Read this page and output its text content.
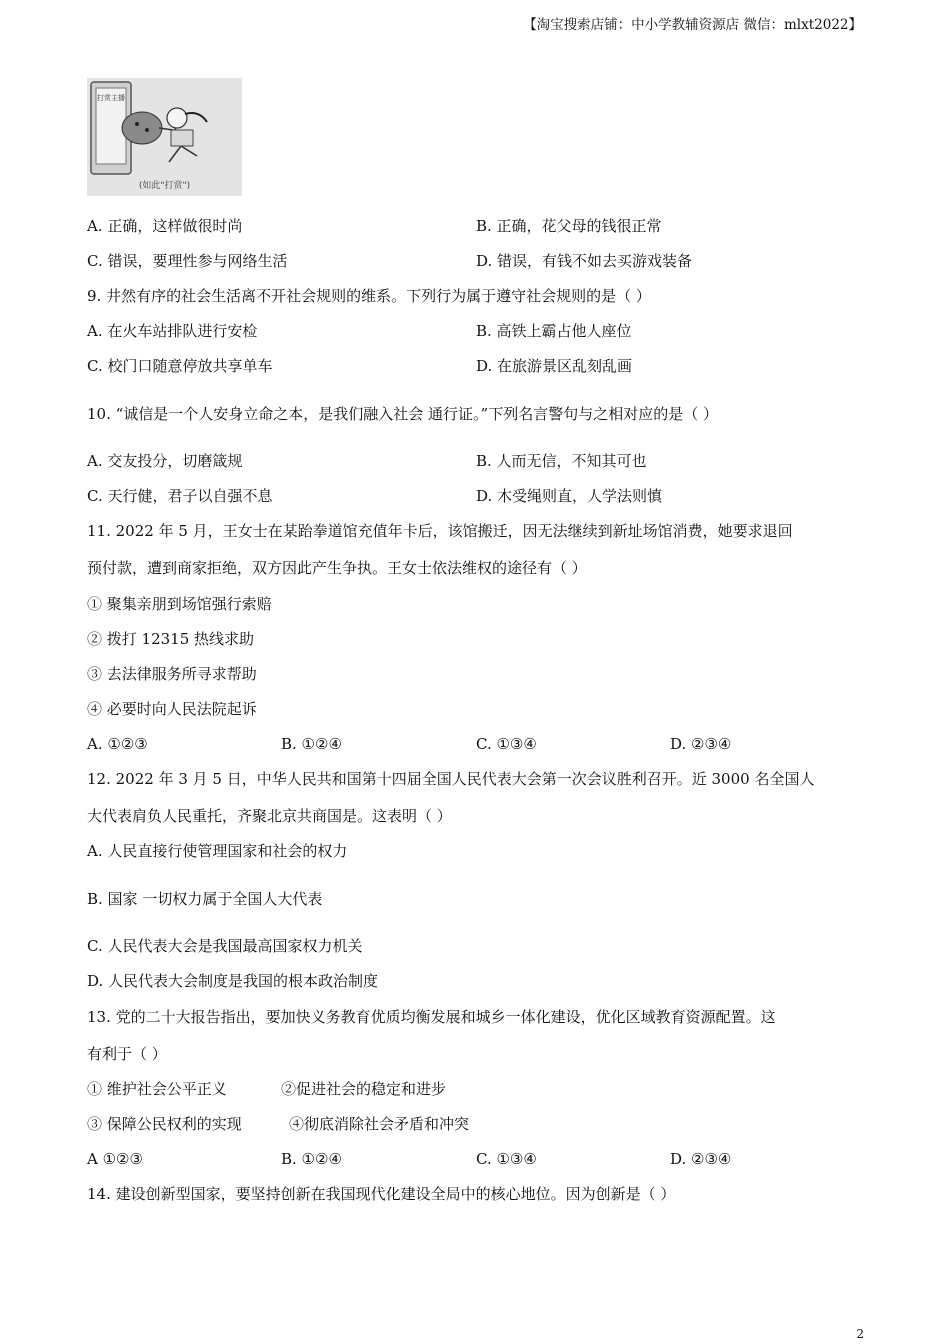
【淘宝搜索店铺：中小学教辅资源店 微信：mlxt2022】
打赏主播
(如此"打赏")
A. 正确，这样做很时尚	B. 正确，花父母的钱很正常
C. 错误，要理性参与网络生活	D. 错误，有钱不如去买游戏装备
9. 井然有序的社会生活离不开社会规则的维系。下列行为属于遵守社会规则的是（ ）
A. 在火车站排队进行安检	B. 高铁上霸占他人座位
C. 校门口随意停放共享单车	D. 在旅游景区乱刻乱画
10. “诚信是一个人安身立命之本，是我们融入社会 通行证。”下列名言警句与之相对应的是（ ）
A. 交友投分，切磨箴规	B. 人而无信，不知其可也
C. 天行健，君子以自强不息	D. 木受绳则直，人学法则慎
11. 2022 年 5 月，王女士在某跆拳道馆充值年卡后，该馆搬迁，因无法继续到新址场馆消费，她要求退回
预付款，遭到商家拒绝，双方因此产生争执。王女士依法维权的途径有（ ）
① 聚集亲朋到场馆强行索赔
② 拨打 12315 热线求助
③ 去法律服务所寻求帮助
④ 必要时向人民法院起诉
A. ①②③	B. ①②④	C. ①③④	D. ②③④
12. 2022 年 3 月 5 日，中华人民共和国第十四届全国人民代表大会第一次会议胜利召开。近 3000 名全国人
大代表肩负人民重托，齐聚北京共商国是。这表明（ ）
A. 人民直接行使管理国家和社会的权力
B. 国家 一切权力属于全国人大代表
C. 人民代表大会是我国最高国家权力机关
D. 人民代表大会制度是我国的根本政治制度
13. 党的二十大报告指出，要加快义务教育优质均衡发展和城乡一体化建设，优化区域教育资源配置。这
有利于（ ）
① 维护社会公平正义	②促进社会的稳定和进步
③ 保障公民权利的实现	④彻底消除社会矛盾和冲突
A ①②③	B. ①②④	C. ①③④	D. ②③④
14. 建设创新型国家，要坚持创新在我国现代化建设全局中的核心地位。因为创新是（ ）
2
